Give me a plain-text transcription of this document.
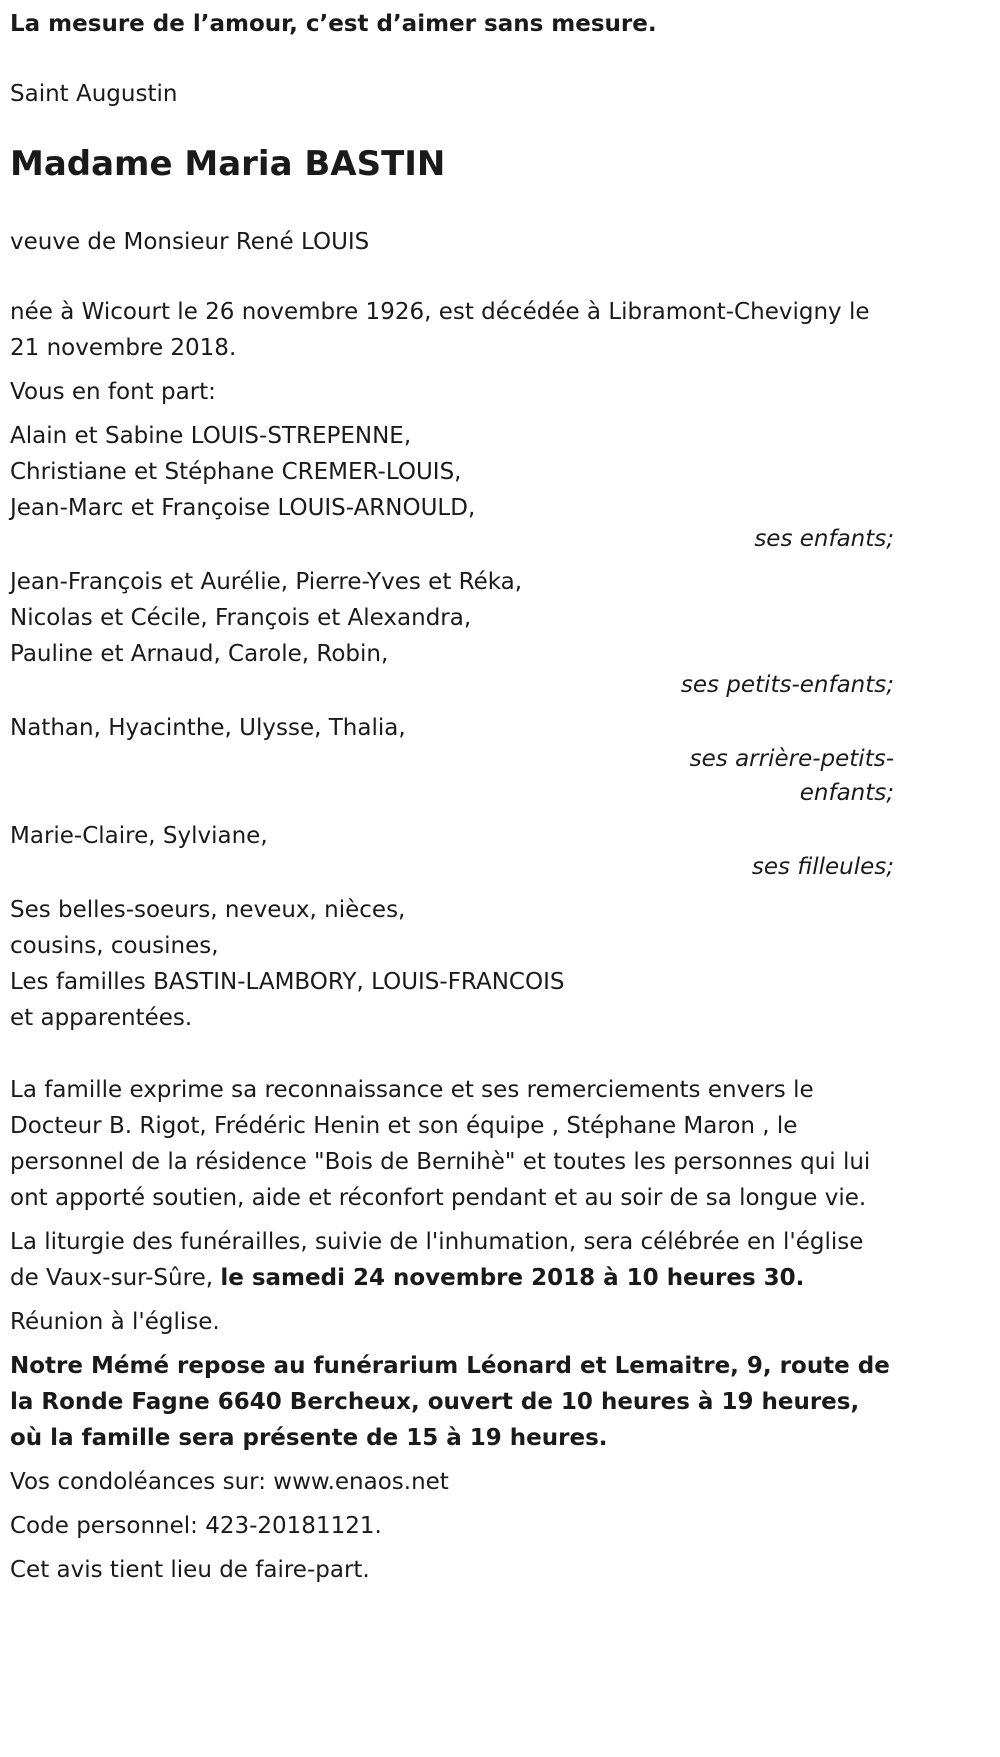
La mesure de l’amour, c’est d’aimer sans mesure.

Saint Augustin

Madame Maria BASTIN

veuve de Monsieur René LOUIS

née à Wicourt le 26 novembre 1926, est décédée à Libramont-Chevigny le 21 novembre 2018.

Vous en font part:

Alain et Sabine LOUIS-STREPENNE,
Christiane et Stéphane CREMER-LOUIS,
Jean-Marc et Françoise LOUIS-ARNOULD,
ses enfants;
Jean-François et Aurélie, Pierre-Yves et Réka,
Nicolas et Cécile, François et Alexandra,
Pauline et Arnaud, Carole, Robin,
ses petits-enfants;
Nathan, Hyacinthe, Ulysse, Thalia,
ses arrière-petits-enfants;
Marie-Claire, Sylviane,
ses filleules;
Ses belles-soeurs, neveux, nièces,
cousins, cousines,
Les familles BASTIN-LAMBORY, LOUIS-FRANCOIS
et apparentées.

La famille exprime sa reconnaissance et ses remerciements envers le Docteur B. Rigot, Frédéric Henin et son équipe , Stéphane Maron , le personnel de la résidence "Bois de Bernihè" et toutes les personnes qui lui ont apporté soutien, aide et réconfort pendant et au soir de sa longue vie.

La liturgie des funérailles, suivie de l'inhumation, sera célébrée en l'église de Vaux-sur-Sûre, le samedi 24 novembre 2018 à 10 heures 30.

Réunion à l'église.

Notre Mémé repose au funérarium Léonard et Lemaitre, 9, route de la Ronde Fagne 6640 Bercheux, ouvert de 10 heures à 19 heures, où la famille sera présente de 15 à 19 heures.

Vos condoléances sur: www.enaos.net

Code personnel: 423-20181121.

Cet avis tient lieu de faire-part.
